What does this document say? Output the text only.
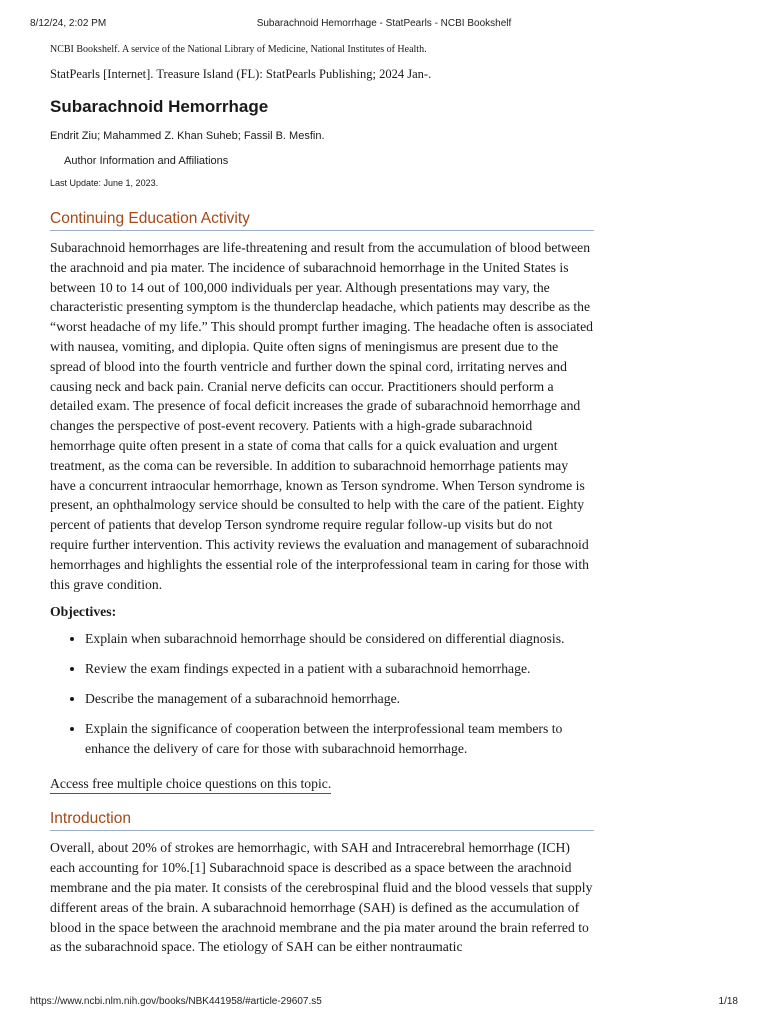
8/12/24, 2:02 PM	Subarachnoid Hemorrhage - StatPearls - NCBI Bookshelf

NCBI Bookshelf. A service of the National Library of Medicine, National Institutes of Health.

StatPearls [Internet]. Treasure Island (FL): StatPearls Publishing; 2024 Jan-.

Subarachnoid Hemorrhage

Endrit Ziu; Mahammed Z. Khan Suheb; Fassil B. Mesfin.

Author Information and Affiliations

Last Update: June 1, 2023.

Continuing Education Activity

Subarachnoid hemorrhages are life-threatening and result from the accumulation of blood between the arachnoid and pia mater. The incidence of subarachnoid hemorrhage in the United States is between 10 to 14 out of 100,000 individuals per year. Although presentations may vary, the characteristic presenting symptom is the thunderclap headache, which patients may describe as the “worst headache of my life.” This should prompt further imaging. The headache often is associated with nausea, vomiting, and diplopia. Quite often signs of meningismus are present due to the spread of blood into the fourth ventricle and further down the spinal cord, irritating nerves and causing neck and back pain. Cranial nerve deficits can occur. Practitioners should perform a detailed exam. The presence of focal deficit increases the grade of subarachnoid hemorrhage and changes the perspective of post-event recovery. Patients with a high-grade subarachnoid hemorrhage quite often present in a state of coma that calls for a quick evaluation and urgent treatment, as the coma can be reversible. In addition to subarachnoid hemorrhage patients may have a concurrent intraocular hemorrhage, known as Terson syndrome. When Terson syndrome is present, an ophthalmology service should be consulted to help with the care of the patient. Eighty percent of patients that develop Terson syndrome require regular follow-up visits but do not require further intervention. This activity reviews the evaluation and management of subarachnoid hemorrhages and highlights the essential role of the interprofessional team in caring for those with this grave condition.

Objectives:

• Explain when subarachnoid hemorrhage should be considered on differential diagnosis.
• Review the exam findings expected in a patient with a subarachnoid hemorrhage.
• Describe the management of a subarachnoid hemorrhage.
• Explain the significance of cooperation between the interprofessional team members to enhance the delivery of care for those with subarachnoid hemorrhage.
Access free multiple choice questions on this topic.
Introduction

Overall, about 20% of strokes are hemorrhagic, with SAH and Intracerebral hemorrhage (ICH) each accounting for 10%.[1] Subarachnoid space is described as a space between the arachnoid membrane and the pia mater. It consists of the cerebrospinal fluid and the blood vessels that supply different areas of the brain. A subarachnoid hemorrhage (SAH) is defined as the accumulation of blood in the space between the arachnoid membrane and the pia mater around the brain referred to as the subarachnoid space. The etiology of SAH can be either nontraumatic

https://www.ncbi.nlm.nih.gov/books/NBK441958/#article-29607.s5	1/18
